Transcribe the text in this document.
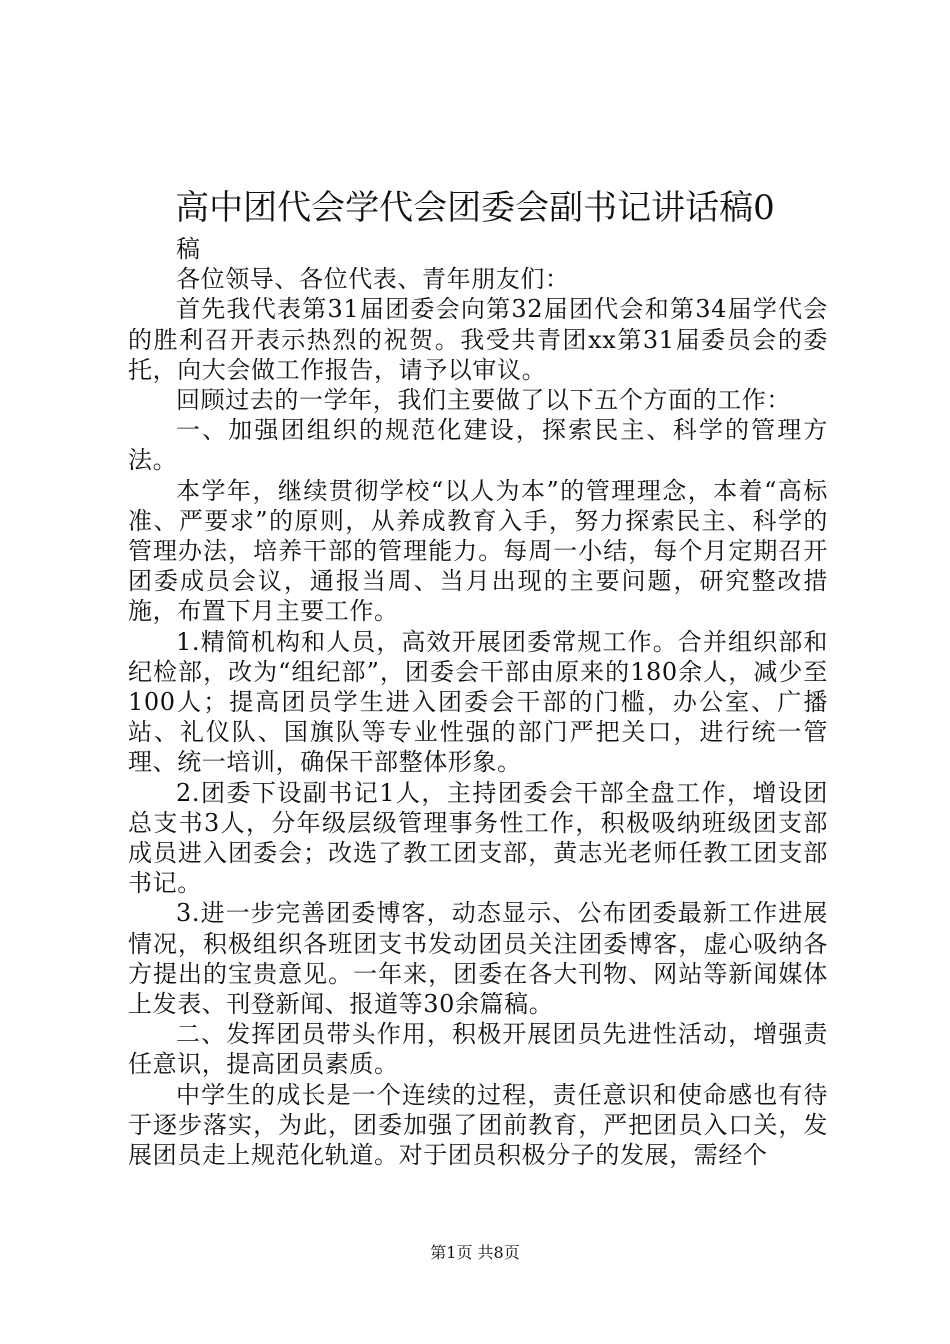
高中团代会学代会团委会副书记讲话稿0

稿

各位领导、各位代表、青年朋友们：

首先我代表第31届团委会向第32届团代会和第34届学代会的胜利召开表示热烈的祝贺。我受共青团xx第31届委员会的委托，向大会做工作报告，请予以审议。

回顾过去的一学年，我们主要做了以下五个方面的工作：

一、加强团组织的规范化建设，探索民主、科学的管理方法。

本学年，继续贯彻学校“以人为本”的管理理念，本着“高标准、严要求”的原则，从养成教育入手，努力探索民主、科学的管理办法，培养干部的管理能力。每周一小结，每个月定期召开团委成员会议，通报当周、当月出现的主要问题，研究整改措施，布置下月主要工作。

1.精简机构和人员，高效开展团委常规工作。合并组织部和纪检部，改为“组纪部”，团委会干部由原来的180余人，减少至100人；提高团员学生进入团委会干部的门槛，办公室、广播站、礼仪队、国旗队等专业性强的部门严把关口，进行统一管理、统一培训，确保干部整体形象。

2.团委下设副书记1人，主持团委会干部全盘工作，增设团总支书3人，分年级层级管理事务性工作，积极吸纳班级团支部成员进入团委会；改选了教工团支部，黄志光老师任教工团支部书记。

3.进一步完善团委博客，动态显示、公布团委最新工作进展情况，积极组织各班团支书发动团员关注团委博客，虚心吸纳各方提出的宝贵意见。一年来，团委在各大刊物、网站等新闻媒体上发表、刊登新闻、报道等30余篇稿。

二、发挥团员带头作用，积极开展团员先进性活动，增强责任意识，提高团员素质。

中学生的成长是一个连续的过程，责任意识和使命感也有待于逐步落实，为此，团委加强了团前教育，严把团员入口关，发展团员走上规范化轨道。对于团员积极分子的发展，需经个

第1页 共8页
